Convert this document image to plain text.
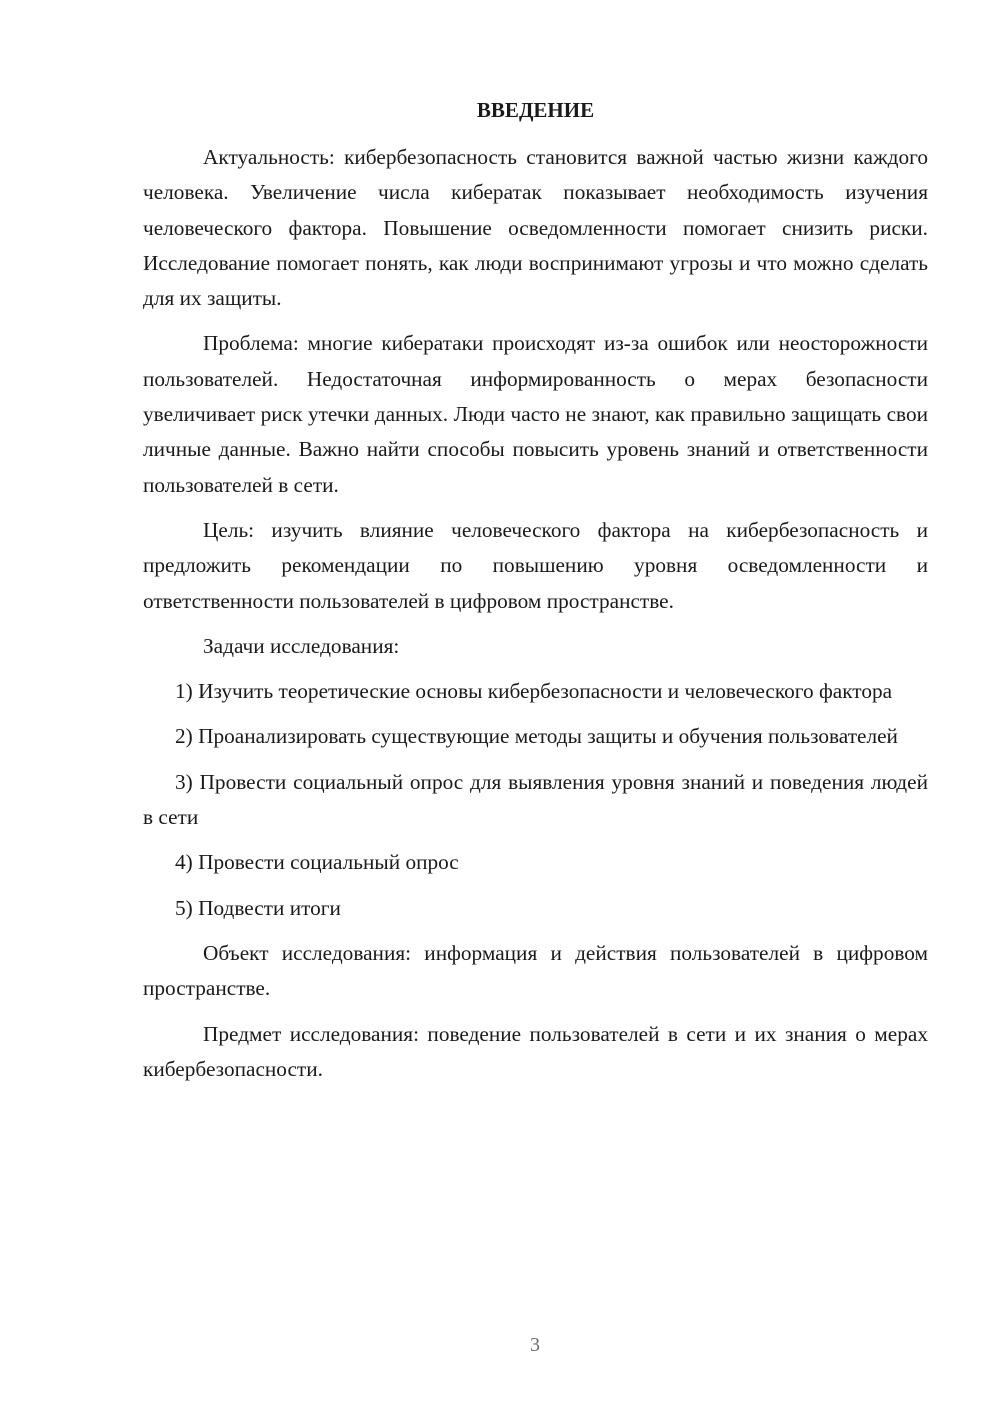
ВВЕДЕНИЕ

Актуальность: кибербезопасность становится важной частью жизни каждого человека. Увеличение числа кибератак показывает необходимость изучения человеческого фактора. Повышение осведомленности помогает снизить риски. Исследование помогает понять, как люди воспринимают угрозы и что можно сделать для их защиты.

Проблема: многие кибератаки происходят из-за ошибок или неосторожности пользователей. Недостаточная информированность о мерах безопасности увеличивает риск утечки данных. Люди часто не знают, как правильно защищать свои личные данные. Важно найти способы повысить уровень знаний и ответственности пользователей в сети.

Цель: изучить влияние человеческого фактора на кибербезопасность и предложить рекомендации по повышению уровня осведомленности и ответственности пользователей в цифровом пространстве.

Задачи исследования:

1) Изучить теоретические основы кибербезопасности и человеческого фактора

2) Проанализировать существующие методы защиты и обучения пользователей

3) Провести социальный опрос для выявления уровня знаний и поведения людей в сети

4) Провести социальный опрос

5) Подвести итоги

Объект исследования: информация и действия пользователей в цифровом пространстве.

Предмет исследования: поведение пользователей в сети и их знания о мерах кибербезопасности.

3
